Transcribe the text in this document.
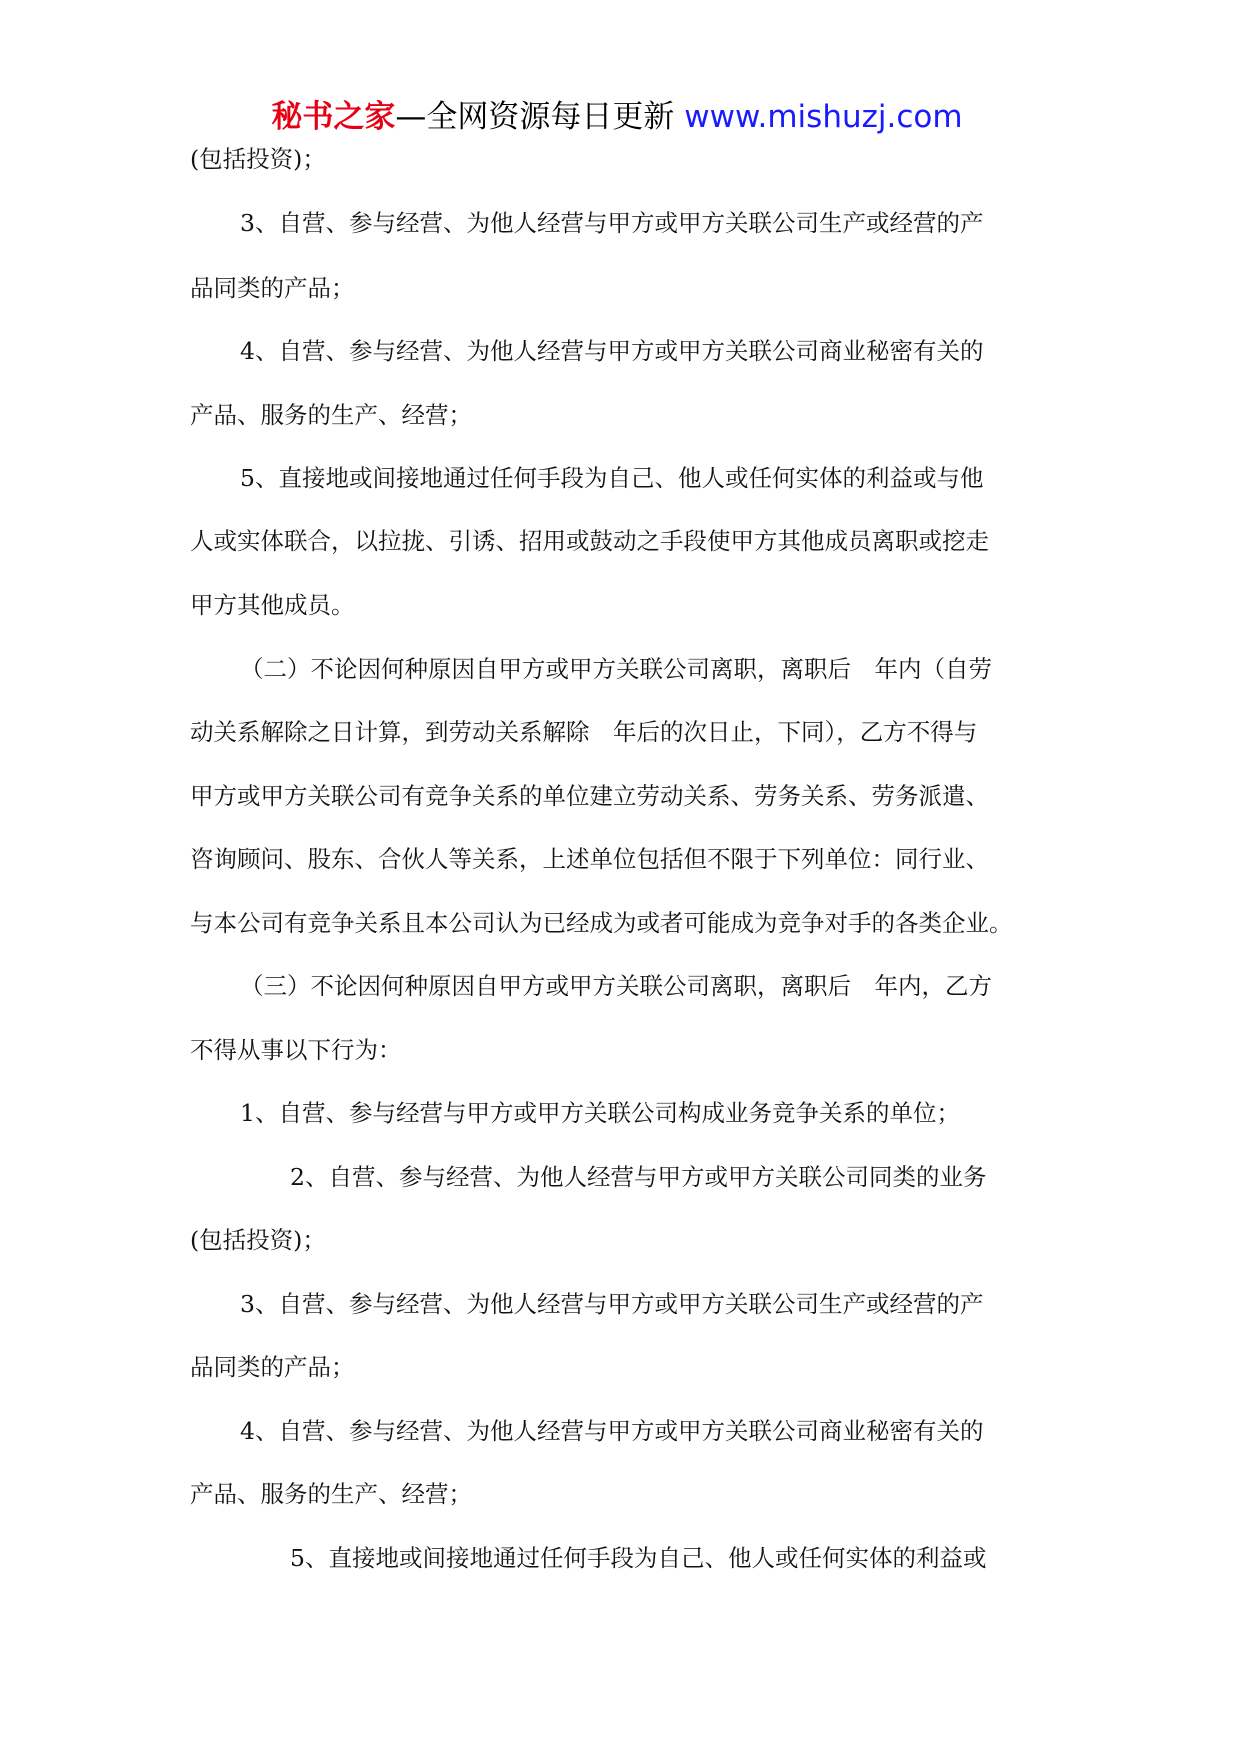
秘书之家—全网资源每日更新 www.mishuzj.com
(包括投资)；
3、自营、参与经营、为他人经营与甲方或甲方关联公司生产或经营的产
品同类的产品；
4、自营、参与经营、为他人经营与甲方或甲方关联公司商业秘密有关的
产品、服务的生产、经营；
5、直接地或间接地通过任何手段为自己、他人或任何实体的利益或与他
人或实体联合，以拉拢、引诱、招用或鼓动之手段使甲方其他成员离职或挖走
甲方其他成员。
（二）不论因何种原因自甲方或甲方关联公司离职，离职后　年内（自劳
动关系解除之日计算，到劳动关系解除　年后的次日止，下同），乙方不得与
甲方或甲方关联公司有竞争关系的单位建立劳动关系、劳务关系、劳务派遣、
咨询顾问、股东、合伙人等关系，上述单位包括但不限于下列单位：同行业、
与本公司有竞争关系且本公司认为已经成为或者可能成为竞争对手的各类企业。
（三）不论因何种原因自甲方或甲方关联公司离职，离职后　年内，乙方
不得从事以下行为：
1、自营、参与经营与甲方或甲方关联公司构成业务竞争关系的单位；
2、自营、参与经营、为他人经营与甲方或甲方关联公司同类的业务
(包括投资)；
3、自营、参与经营、为他人经营与甲方或甲方关联公司生产或经营的产
品同类的产品；
4、自营、参与经营、为他人经营与甲方或甲方关联公司商业秘密有关的
产品、服务的生产、经营；
5、直接地或间接地通过任何手段为自己、他人或任何实体的利益或
